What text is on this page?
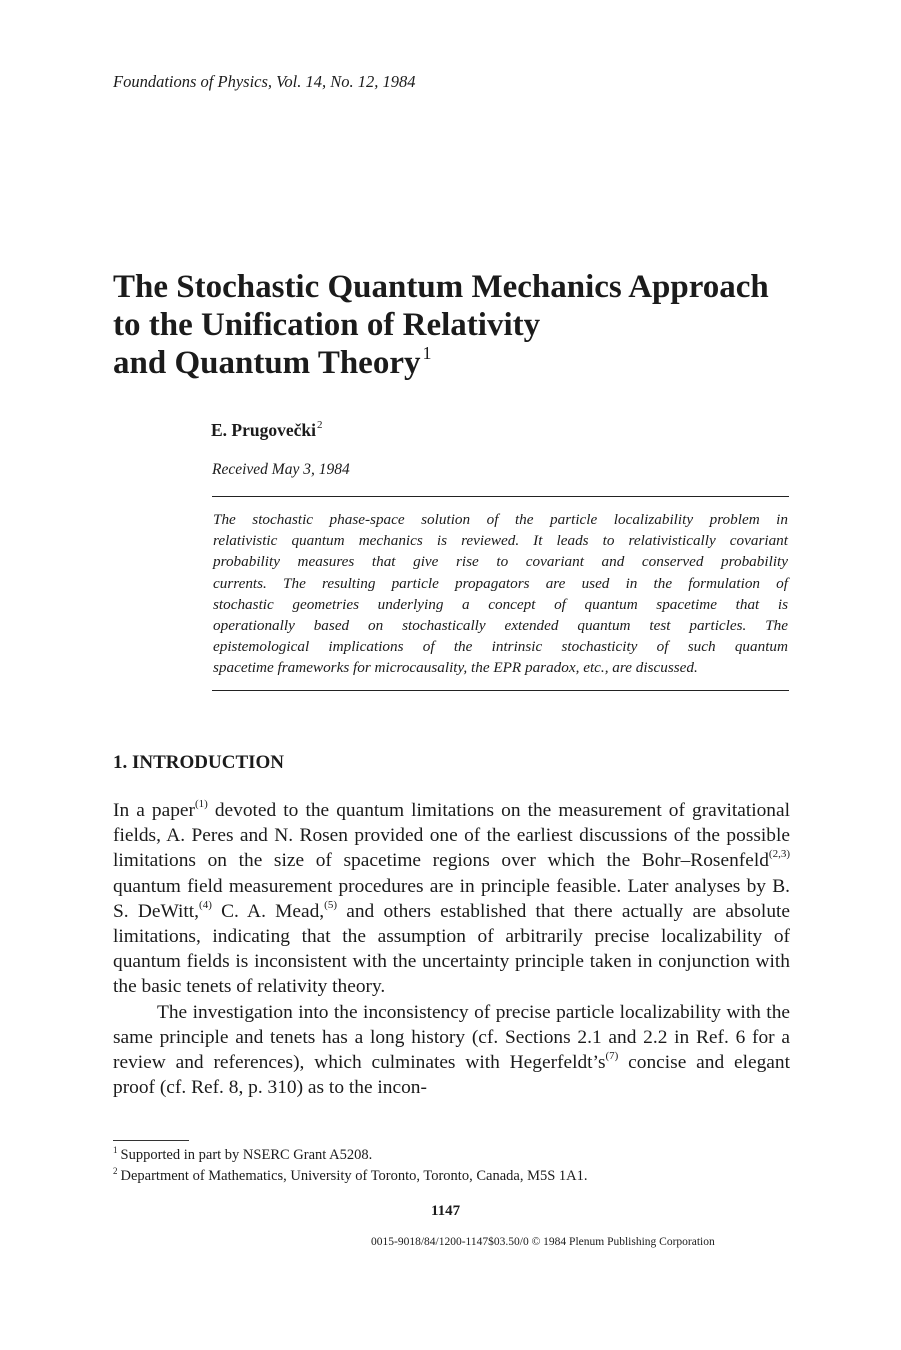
Foundations of Physics, Vol. 14, No. 12, 1984
The Stochastic Quantum Mechanics Approach
to the Unification of Relativity
and Quantum Theory $^1$
E. Prugovečki$^2$
Received May 3, 1984
The stochastic phase-space solution of the particle localizability problem in
relativistic quantum mechanics is reviewed. It leads to relativistically covariant
probability measures that give rise to covariant and conserved probability
currents. The resulting particle propagators are used in the formulation of
stochastic geometries underlying a concept of quantum spacetime that is
operationally based on stochastically extended quantum test particles. The
epistemological implications of the intrinsic stochasticity of such quantum
spacetime frameworks for microcausality, the EPR paradox, etc., are discussed.
1. INTRODUCTION

In a paper$^{(1)}$ devoted to the quantum limitations on the measurement of gravitational fields, A. Peres and N. Rosen provided one of the earliest discussions of the possible limitations on the size of spacetime regions over which the Bohr–Rosenfeld$^{(2,3)}$ quantum field measurement procedures are in principle feasible. Later analyses by B. S. DeWitt,$^{(4)}$ C. A. Mead,$^{(5)}$ and others established that there actually are absolute limitations, indicating that the assumption of arbitrarily precise localizability of quantum fields is inconsistent with the uncertainty principle taken in conjunction with the basic tenets of relativity theory.

The investigation into the inconsistency of precise particle localizability with the same principle and tenets has a long history (cf. Sections 2.1 and 2.2 in Ref. 6 for a review and references), which culminates with $Hegerfeldt’s^{(7)}$ concise and elegant proof (cf. Ref. 8, p. 310) as to the incon-

$^1$ Supported in part by NSERC Grant A5208.
$^2$ Department of Mathematics, University of Toronto, Toronto, Canada, M5S 1A1.
1147
0015-9018/84/1200-1147$03.50/0 © 1984 Plenum Publishing Corporation
